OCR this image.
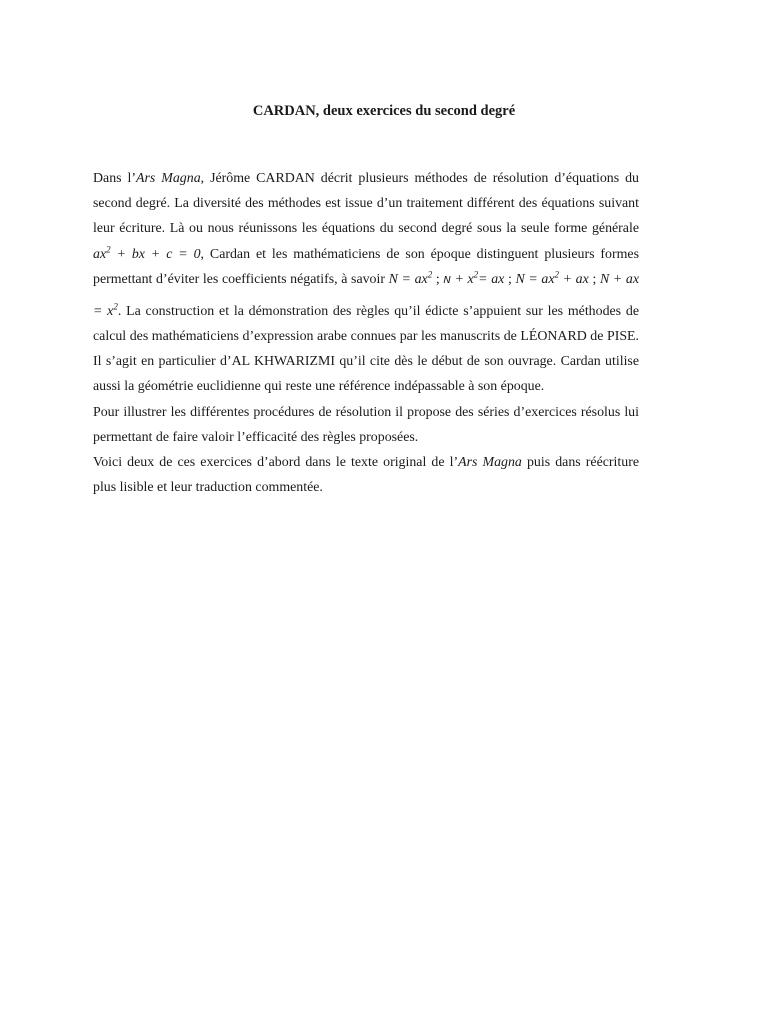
CARDAN, deux exercices du second degré

Dans l’Ars Magna, Jérôme CARDAN décrit plusieurs méthodes de résolution d’équations du second degré. La diversité des méthodes est issue d’un traitement différent des équations suivant leur écriture. Là ou nous réunissons les équations du second degré sous la seule forme générale $ax^2$ + bx + c = 0, Cardan et les mathématiciens de son époque distinguent plusieurs formes permettant d’éviter les coefficients négatifs, à savoir $N = ax^2$ ; $N + x^2=$ ax ; $N = ax^2$ + ax ; N + ax = $x^2$. La construction et la démonstration des règles qu’il édicte s’appuient sur les méthodes de calcul des mathématiciens d’expression arabe connues par les manuscrits de LÉONARD de PISE. Il s’agit en particulier d’AL KHWARIZMI qu’il cite dès le début de son ouvrage. Cardan utilise aussi la géométrie euclidienne qui reste une référence indépassable à son époque.

Pour illustrer les différentes procédures de résolution il propose des séries d’exercices résolus lui permettant de faire valoir l’efficacité des règles proposées.

Voici deux de ces exercices d’abord dans le texte original de l’Ars Magna puis dans réécriture plus lisible et leur traduction commentée.
